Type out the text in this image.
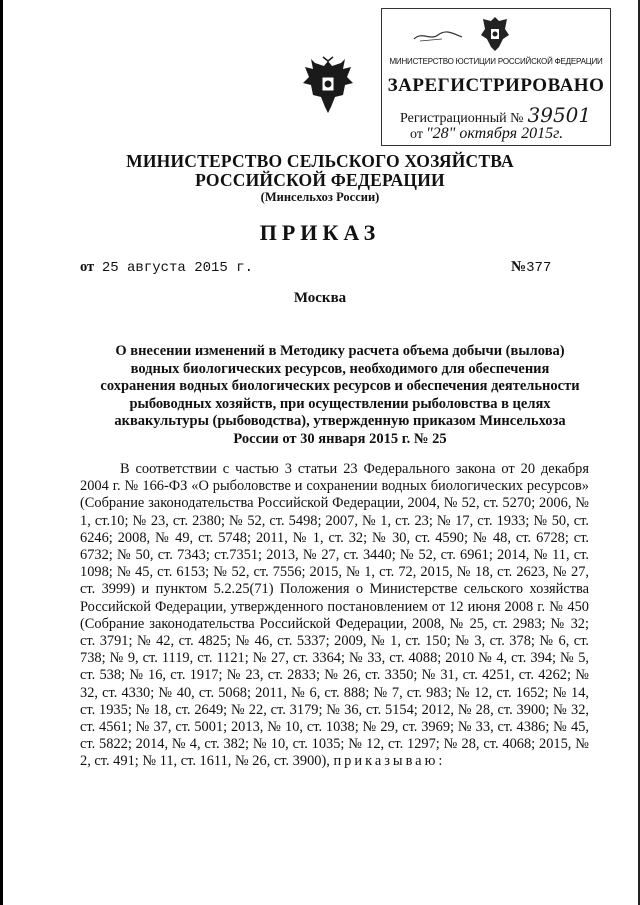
МИНИСТЕРСТВО ЮСТИЦИИ РОССИЙСКОЙ ФЕДЕРАЦИИ
ЗАРЕГИСТРИРОВАНО
Регистрационный № 39501
от "28" октября 2015г.
МИНИСТЕРСТВО СЕЛЬСКОГО ХОЗЯЙСТВА
РОССИЙСКОЙ ФЕДЕРАЦИИ
(Минсельхоз России)
ПРИКАЗ
от 25 августа 2015 г.	№377
Москва
О внесении изменений в Методику расчета объема добычи (вылова) водных биологических ресурсов, необходимого для обеспечения сохранения водных биологических ресурсов и обеспечения деятельности рыбоводных хозяйств, при осуществлении рыболовства в целях аквакультуры (рыбоводства), утвержденную приказом Минсельхоза России от 30 января 2015 г. № 25
В соответствии с частью 3 статьи 23 Федерального закона от 20 декабря 2004 г. № 166-ФЗ «О рыболовстве и сохранении водных биологических ресурсов» (Собрание законодательства Российской Федерации, 2004, № 52, ст. 5270; 2006, № 1, ст.10; № 23, ст. 2380; № 52, ст. 5498; 2007, № 1, ст. 23; № 17, ст. 1933; № 50, ст. 6246; 2008, № 49, ст. 5748; 2011, № 1, ст. 32; № 30, ст. 4590; № 48, ст. 6728; ст. 6732; № 50, ст. 7343; ст.7351; 2013, № 27, ст. 3440; № 52, ст. 6961; 2014, № 11, ст. 1098; № 45, ст. 6153; № 52, ст. 7556; 2015, № 1, ст. 72, 2015, № 18, ст. 2623, № 27, ст. 3999) и пунктом 5.2.25(71) Положения о Министерстве сельского хозяйства Российской Федерации, утвержденного постановлением от 12 июня 2008 г. № 450 (Собрание законодательства Российской Федерации, 2008, № 25, ст. 2983; № 32; ст. 3791; № 42, ст. 4825; № 46, ст. 5337; 2009, № 1, ст. 150; № 3, ст. 378; № 6, ст. 738; № 9, ст. 1119, ст. 1121; № 27, ст. 3364; № 33, ст. 4088; 2010 № 4, ст. 394; № 5, ст. 538; № 16, ст. 1917; № 23, ст. 2833; № 26, ст. 3350; № 31, ст. 4251, ст. 4262; № 32, ст. 4330; № 40, ст. 5068; 2011, № 6, ст. 888; № 7, ст. 983; № 12, ст. 1652; № 14, ст. 1935; № 18, ст. 2649; № 22, ст. 3179; № 36, ст. 5154; 2012, № 28, ст. 3900; № 32, ст. 4561; № 37, ст. 5001; 2013, № 10, ст. 1038; № 29, ст. 3969; № 33, ст. 4386; № 45, ст. 5822; 2014, № 4, ст. 382; № 10, ст. 1035; № 12, ст. 1297; № 28, ст. 4068; 2015, № 2, ст. 491; № 11, ст. 1611, № 26, ст. 3900), приказываю:
